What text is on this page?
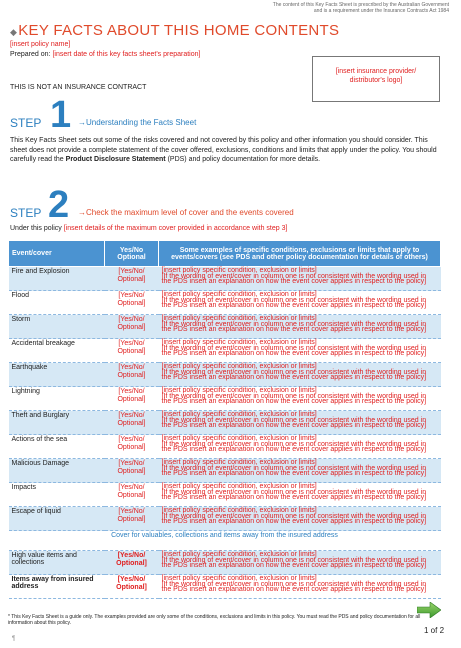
The content of this Key Facts Sheet is prescribed by the Australian Government
and is a requirement under the Insurance Contracts Act 1984
◆KEY FACTS ABOUT THIS HOME CONTENTS
[insert policy name]
Prepared on: [insert date of this key facts sheet's preparation]
THIS IS NOT AN INSURANCE CONTRACT
[insert insurance provider/
distributor's logo]
STEP 1 →Understanding the Facts Sheet
This Key Facts Sheet sets out some of the risks covered and not covered by this policy and other information you should consider. This sheet does not provide a complete statement of the cover offered, exclusions, conditions and limits that apply under the policy. You should carefully read the Product Disclosure Statement (PDS) and policy documentation for more details.
STEP 2 →Check the maximum level of cover and the events covered
Under this policy [insert details of the maximum cover provided in accordance with step 3]
Event/cover	Yes/No Optional	Some examples of specific conditions, exclusions or limits that apply to events/covers (see PDS and other policy documentation for details of others)
Fire and Explosion	[Yes/No/ Optional]	[insert policy specific condition, exclusion or limits]
[If the wording of event/cover in column one is not consistent with the wording used in the PDS insert an explanation on how the event cover applies in respect to the policy]

Flood	[Yes/No/ Optional]	[insert policy specific condition, exclusion or limits]
[If the wording of event/cover in column one is not consistent with the wording used in the PDS insert an explanation on how the event cover applies in respect to the policy]

Storm	[Yes/No/ Optional]	[insert policy specific condition, exclusion or limits]
[If the wording of event/cover in column one is not consistent with the wording used in the PDS insert an explanation on how the event cover applies in respect to the policy]

Accidental breakage	[Yes/No/ Optional]	[insert policy specific condition, exclusion or limits]
[If the wording of event/cover in column one is not consistent with the wording used in the PDS insert an explanation on how the event cover applies in respect to the policy]

Earthquake	[Yes/No/ Optional]	[insert policy specific condition, exclusion or limits]
[If the wording of event/cover in column one is not consistent with the wording used in the PDS insert an explanation on how the event cover applies in respect to the policy]

Lightning	[Yes/No/ Optional]	[insert policy specific condition, exclusion or limits]
[If the wording of event/cover in column one is not consistent with the wording used in the PDS insert an explanation on how the event cover applies in respect to the policy]

Theft and Burglary	[Yes/No/ Optional]	[insert policy specific condition, exclusion or limits]
[If the wording of event/cover in column one is not consistent with the wording used in the PDS insert an explanation on how the event cover applies in respect to the policy]

Actions of the sea	[Yes/No/ Optional]	[insert policy specific condition, exclusion or limits]
[If the wording of event/cover in column one is not consistent with the wording used in the PDS insert an explanation on how the event cover applies in respect to the policy]

Malicious Damage	[Yes/No/ Optional]	[insert policy specific condition, exclusion or limits]
[If the wording of event/cover in column one is not consistent with the wording used in the PDS insert an explanation on how the event cover applies in respect to the policy]

Impacts	[Yes/No/ Optional]	[insert policy specific condition, exclusion or limits]
[If the wording of event/cover in column one is not consistent with the wording used in the PDS insert an explanation on how the event cover applies in respect to the policy]

Escape of liquid	[Yes/No/ Optional]	[insert policy specific condition, exclusion or limits]
[If the wording of event/cover in column one is not consistent with the wording used in the PDS insert an explanation on how the event cover applies in respect to the policy]

Cover for valuables, collections and items away from the insured address		
High value items and collections	[Yes/No/ Optional]	[insert policy specific condition, exclusion or limits]
[If the wording of event/cover in column one is not consistent with the wording used in the PDS insert an explanation on how the event cover applies in respect to the policy]

Items away from insured address	[Yes/No/ Optional]	[insert policy specific condition, exclusion or limits]
[If the wording of event/cover in column one is not consistent with the wording used in the PDS insert an explanation on how the event cover applies in respect to the policy]
* This Key Facts Sheet is a guide only. The examples provided are only some of the conditions, exclusions and limits in this policy. You must read the PDS and policy documentation for all information about this policy.
1 of 2
¶
